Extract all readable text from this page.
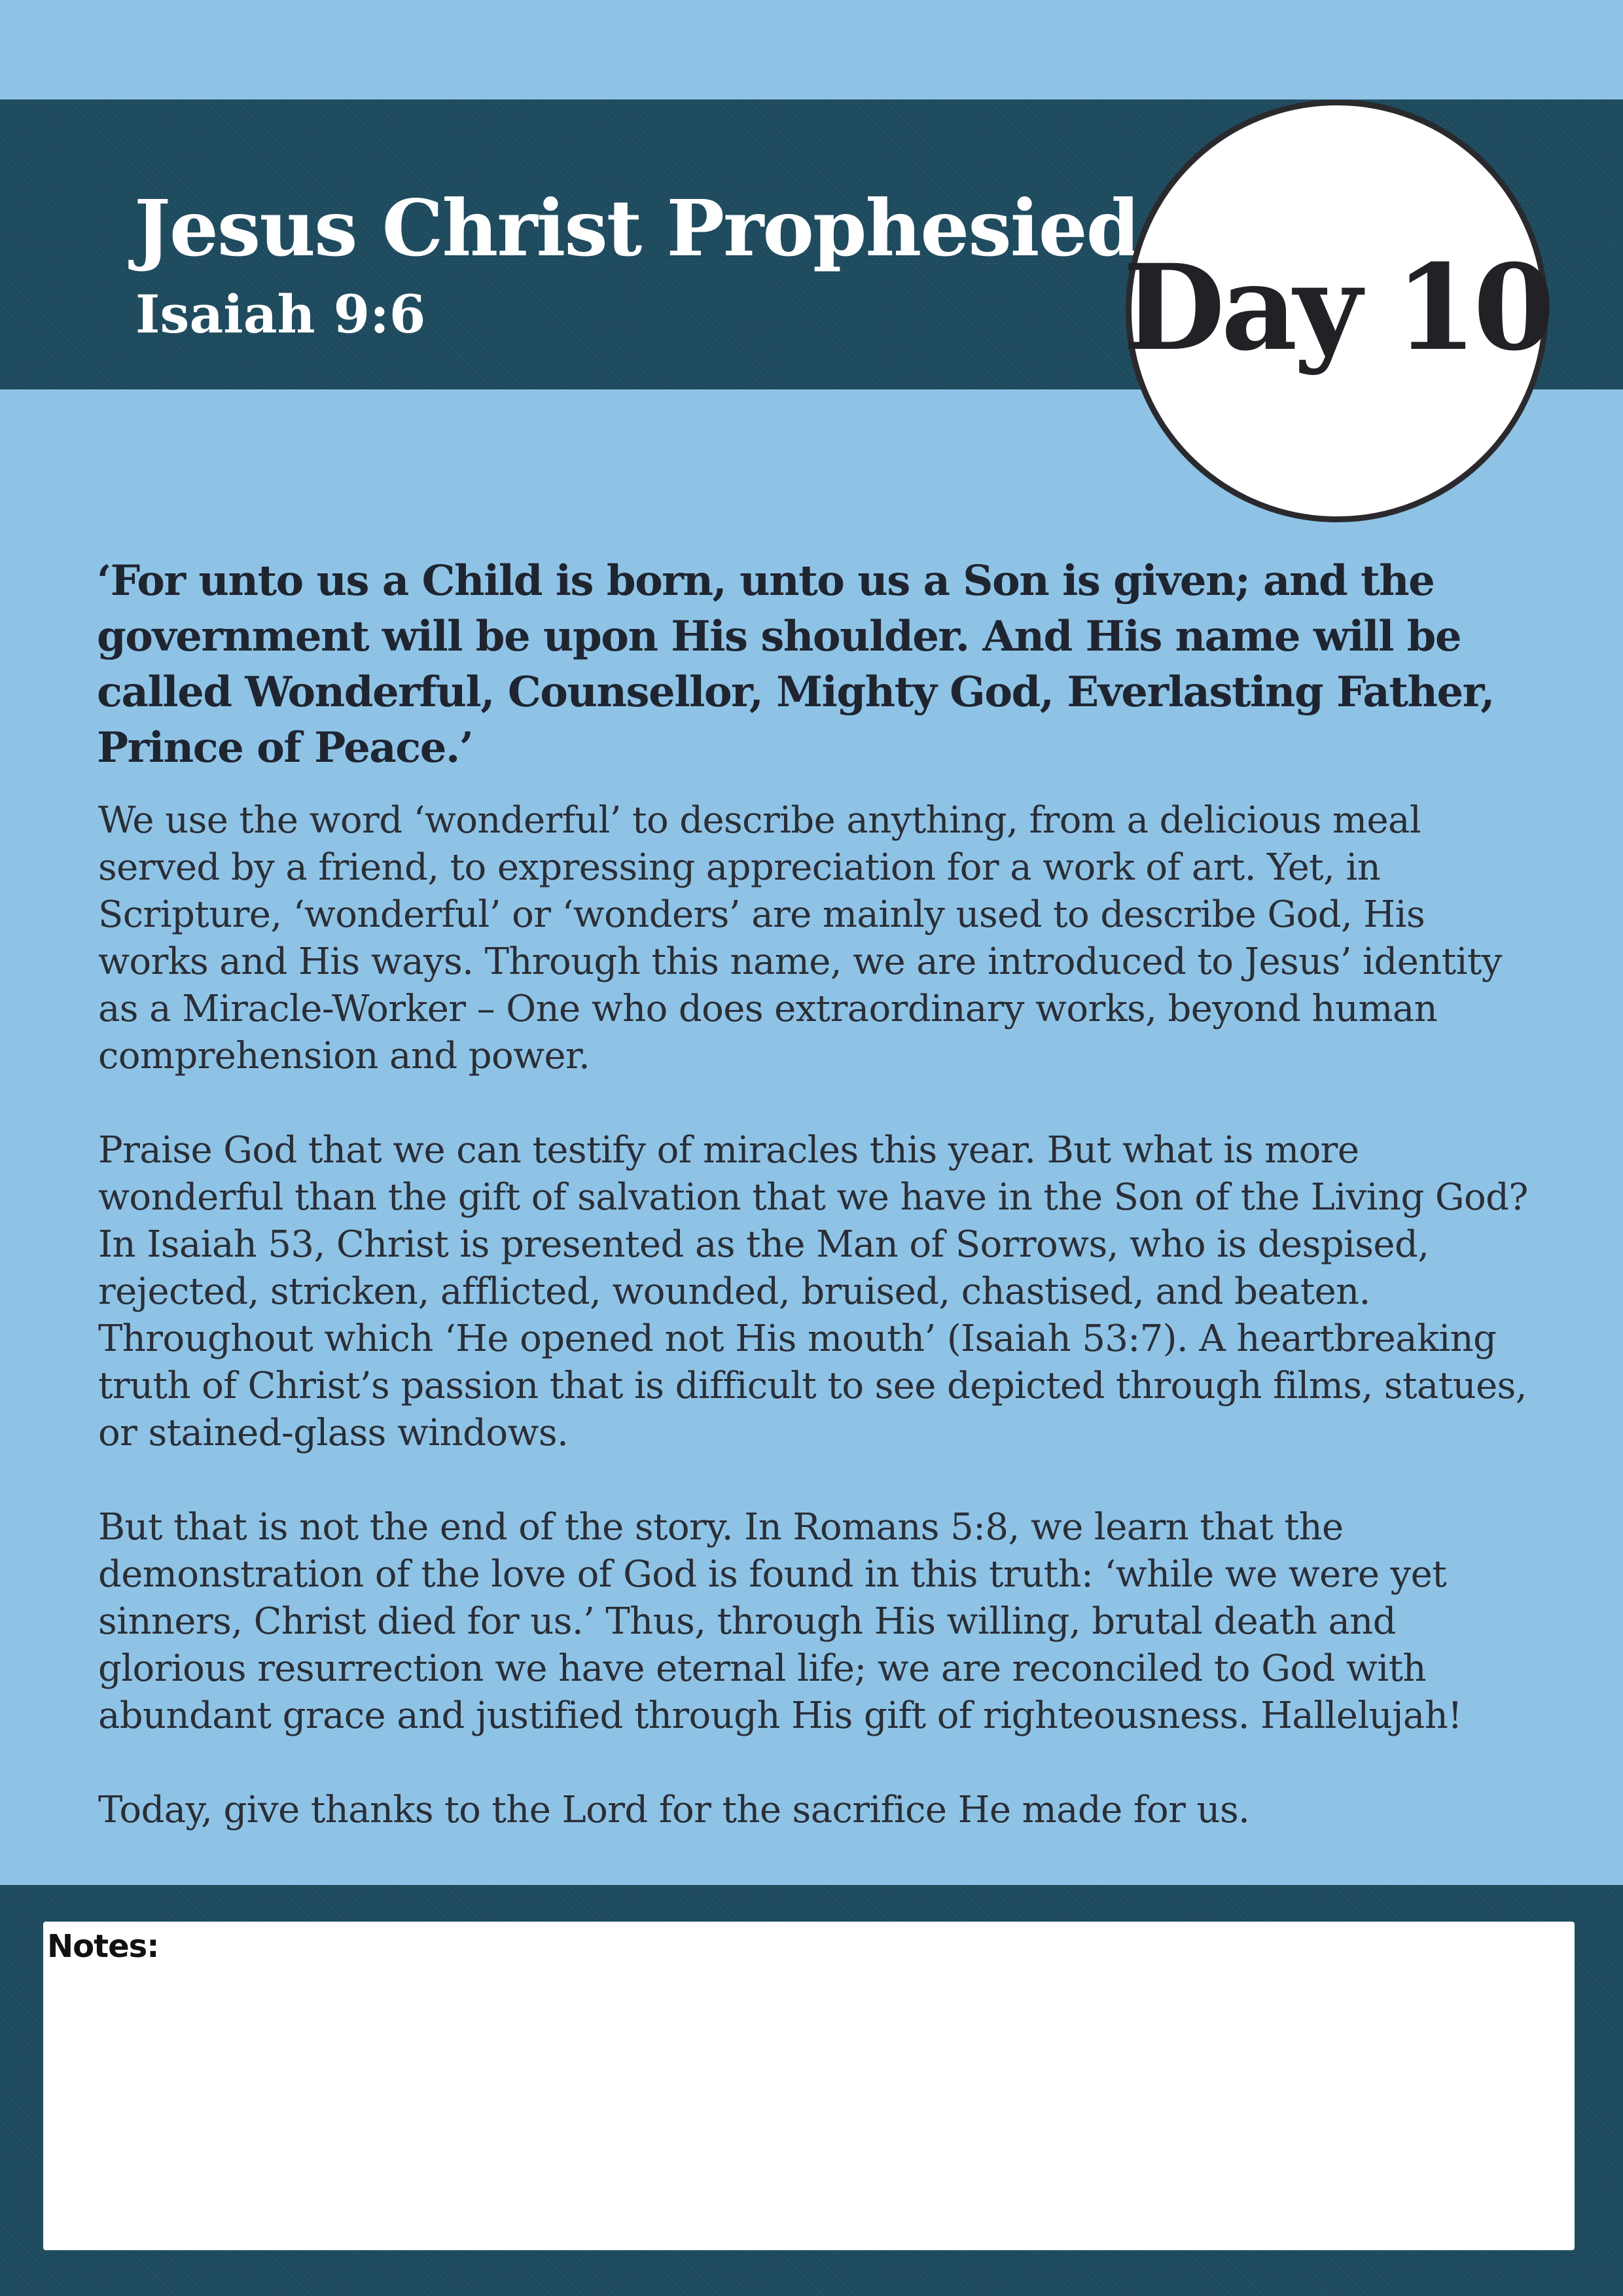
Jesus Christ Prophesied
Isaiah 9:6	Day 10

‘For unto us a Child is born, unto us a Son is given; and the government will be upon His shoulder. And His name will be called Wonderful, Counsellor, Mighty God, Everlasting Father, Prince of Peace.’

We use the word ‘wonderful’ to describe anything, from a delicious meal served by a friend, to expressing appreciation for a work of art. Yet, in Scripture, ‘wonderful’ or ‘wonders’ are mainly used to describe God, His works and His ways. Through this name, we are introduced to Jesus’ identity as a Miracle-Worker – One who does extraordinary works, beyond human comprehension and power.

Praise God that we can testify of miracles this year. But what is more wonderful than the gift of salvation that we have in the Son of the Living God? In Isaiah 53, Christ is presented as the Man of Sorrows, who is despised, rejected, stricken, afflicted, wounded, bruised, chastised, and beaten. Throughout which ‘He opened not His mouth’ (Isaiah 53:7). A heartbreaking truth of Christ’s passion that is difficult to see depicted through films, statues, or stained-glass windows.

But that is not the end of the story. In Romans 5:8, we learn that the demonstration of the love of God is found in this truth: ‘while we were yet sinners, Christ died for us.’ Thus, through His willing, brutal death and glorious resurrection we have eternal life; we are reconciled to God with abundant grace and justified through His gift of righteousness. Hallelujah!

Today, give thanks to the Lord for the sacrifice He made for us.

Notes:
